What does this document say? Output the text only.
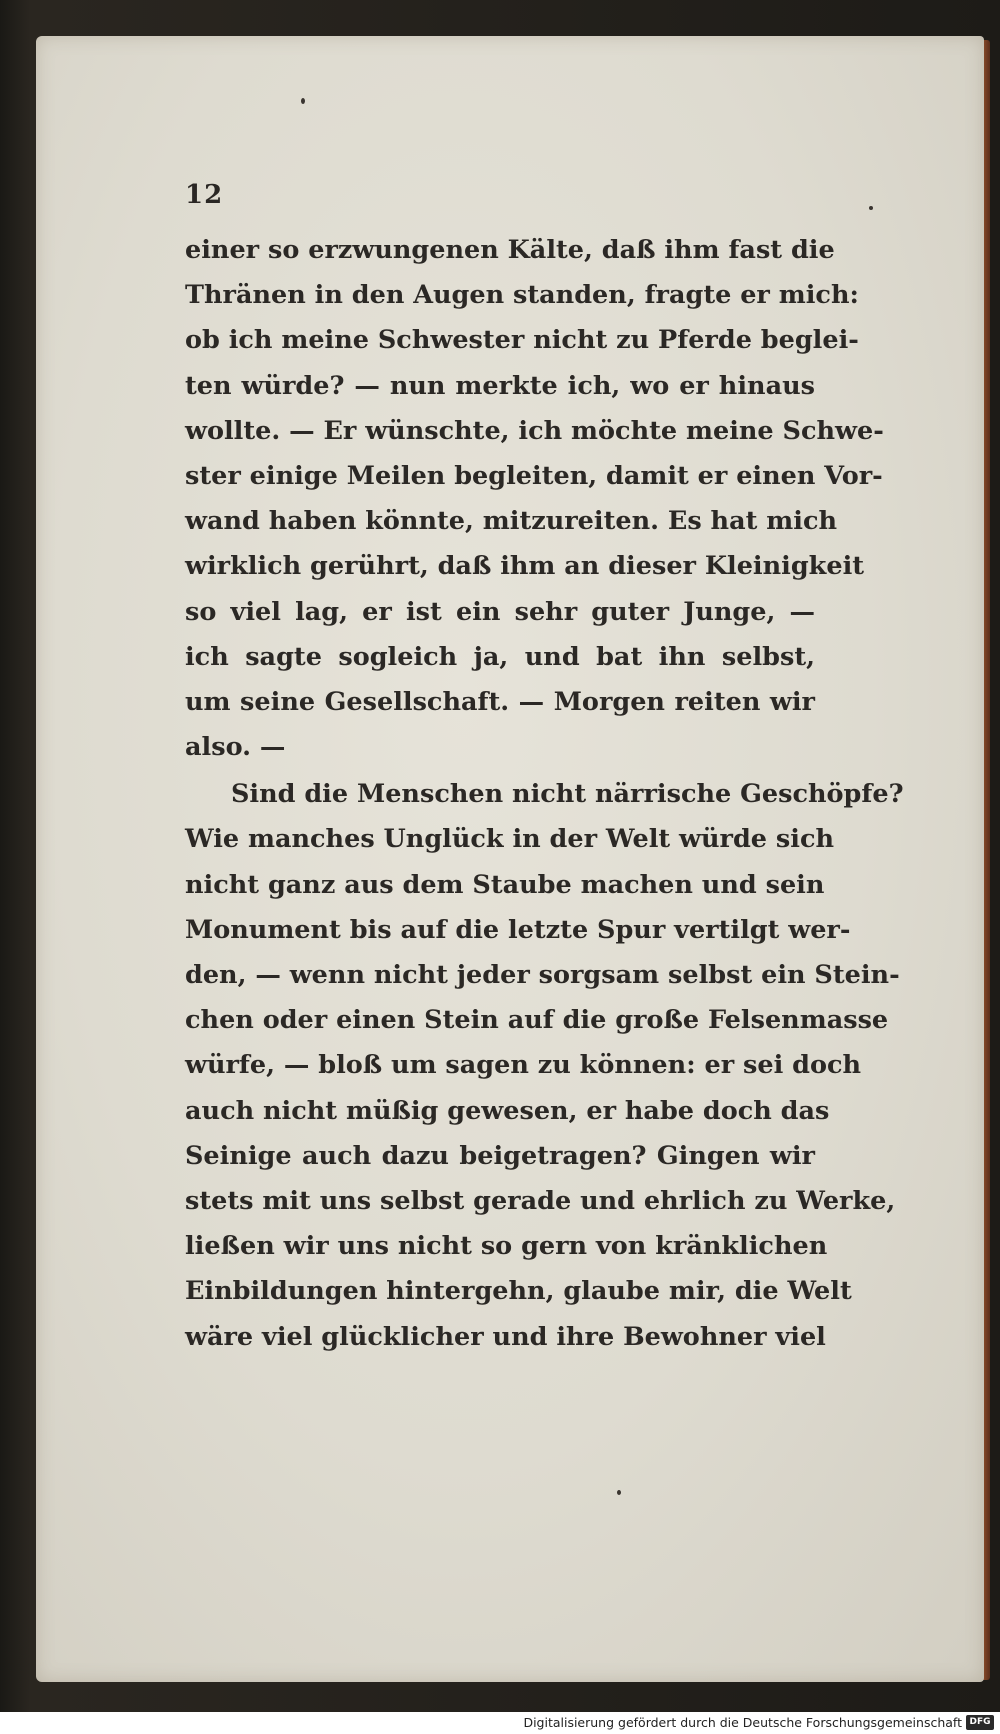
12
einer so erzwungenen Kälte, daß ihm fast die
Thränen in den Augen standen, fragte er mich:
ob ich meine Schwester nicht zu Pferde beglei-
ten würde? — nun merkte ich, wo er hinaus
wollte. — Er wünschte, ich möchte meine Schwe-
ster einige Meilen begleiten, damit er einen Vor-
wand haben könnte, mitzureiten. Es hat mich
wirklich gerührt, daß ihm an dieser Kleinigkeit
so viel lag, er ist ein sehr guter Junge, —
ich sagte sogleich ja, und bat ihn selbst,
um seine Gesellschaft. — Morgen reiten wir
also. —
Sind die Menschen nicht närrische Geschöpfe?
Wie manches Unglück in der Welt würde sich
nicht ganz aus dem Staube machen und sein
Monument bis auf die letzte Spur vertilgt wer-
den, — wenn nicht jeder sorgsam selbst ein Stein-
chen oder einen Stein auf die große Felsenmasse
würfe, — bloß um sagen zu können: er sei doch
auch nicht müßig gewesen, er habe doch das
Seinige auch dazu beigetragen? Gingen wir
stets mit uns selbst gerade und ehrlich zu Werke,
ließen wir uns nicht so gern von kränklichen
Einbildungen hintergehn, glaube mir, die Welt
wäre viel glücklicher und ihre Bewohner viel
Digitalisierung gefördert durch die Deutsche Forschungsgemeinschaft DFG
